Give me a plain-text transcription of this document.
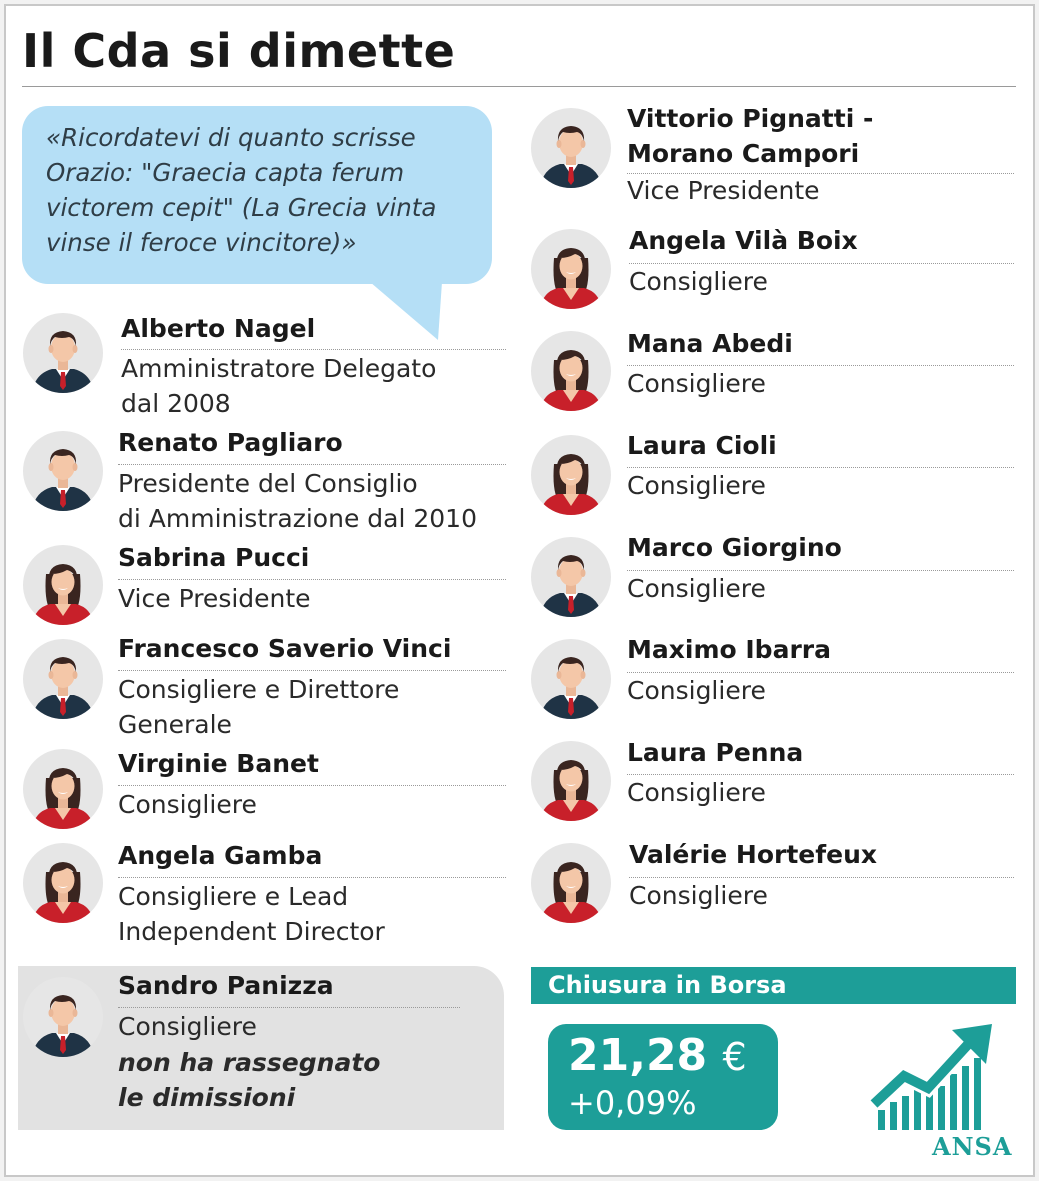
Il Cda si dimette
«Ricordatevi di quanto scrisse
Orazio: "Graecia capta ferum
victorem cepit" (La Grecia vinta
vinse il feroce vincitore)»
Alberto Nagel
Amministratore Delegato
dal 2008
Renato Pagliaro
Presidente del Consiglio
di Amministrazione dal 2010
Sabrina Pucci
Vice Presidente
Francesco Saverio Vinci
Consigliere e Direttore
Generale
Virginie Banet
Consigliere
Angela Gamba
Consigliere e Lead
Independent Director
Vittorio Pignatti -
Morano Campori
Vice Presidente
Angela Vilà Boix
Consigliere
Mana Abedi
Consigliere
Laura Cioli
Consigliere
Marco Giorgino
Consigliere
Maximo Ibarra
Consigliere
Laura Penna
Consigliere
Valérie Hortefeux
Consigliere
Sandro Panizza
Consigliere
non ha rassegnato
le dimissioni
Chiusura in Borsa
21,28 €
+0,09%
ANSA
